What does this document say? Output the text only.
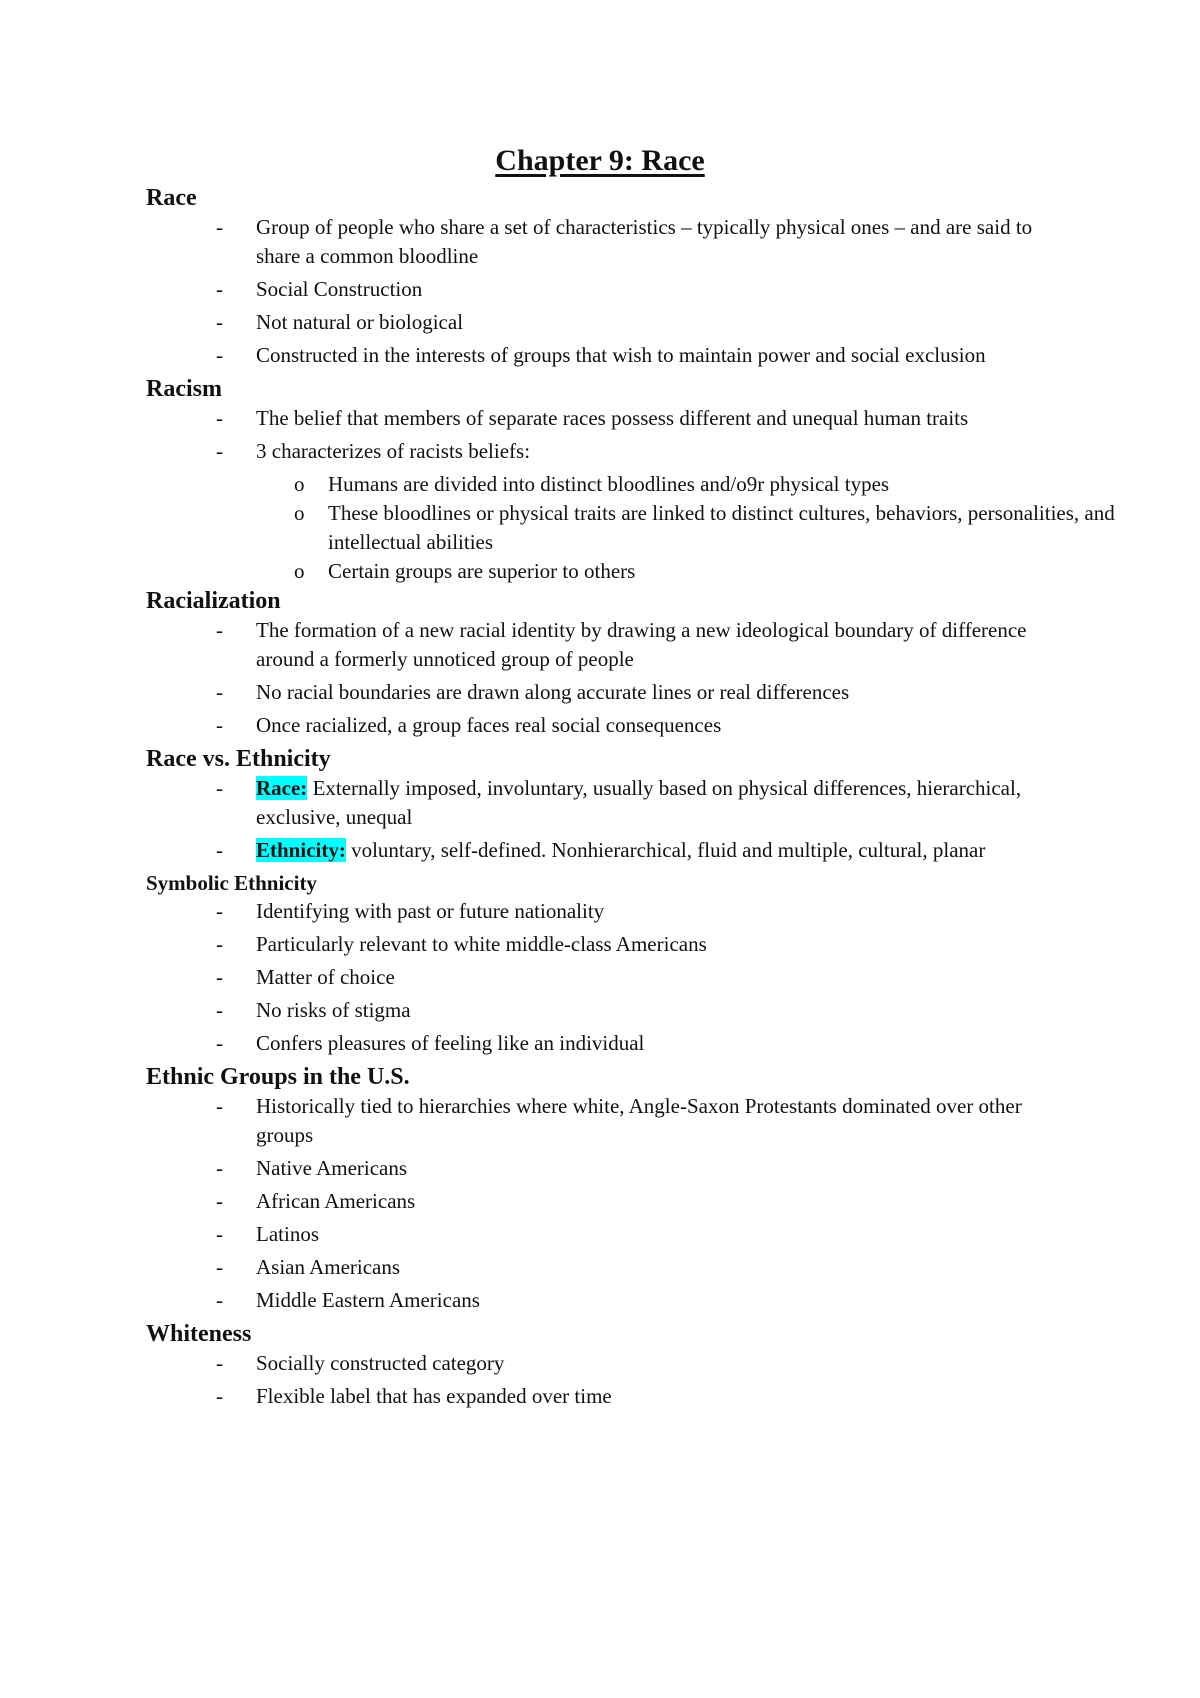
Chapter 9: Race
Race
- Group of people who share a set of characteristics – typically physical ones – and are said to share a common bloodline
- Social Construction
- Not natural or biological
- Constructed in the interests of groups that wish to maintain power and social exclusion
Racism
- The belief that members of separate races possess different and unequal human traits
- 3 characterizes of racists beliefs:
o Humans are divided into distinct bloodlines and/o9r physical types
o These bloodlines or physical traits are linked to distinct cultures, behaviors, personalities, and intellectual abilities
o Certain groups are superior to others
Racialization
- The formation of a new racial identity by drawing a new ideological boundary of difference around a formerly unnoticed group of people
- No racial boundaries are drawn along accurate lines or real differences
- Once racialized, a group faces real social consequences
Race vs. Ethnicity
- Race: Externally imposed, involuntary, usually based on physical differences, hierarchical, exclusive, unequal
- Ethnicity: voluntary, self-defined. Nonhierarchical, fluid and multiple, cultural, planar
Symbolic Ethnicity
- Identifying with past or future nationality
- Particularly relevant to white middle-class Americans
- Matter of choice
- No risks of stigma
- Confers pleasures of feeling like an individual
Ethnic Groups in the U.S.
- Historically tied to hierarchies where white, Angle-Saxon Protestants dominated over other groups
- Native Americans
- African Americans
- Latinos
- Asian Americans
- Middle Eastern Americans
Whiteness
- Socially constructed category
- Flexible label that has expanded over time
